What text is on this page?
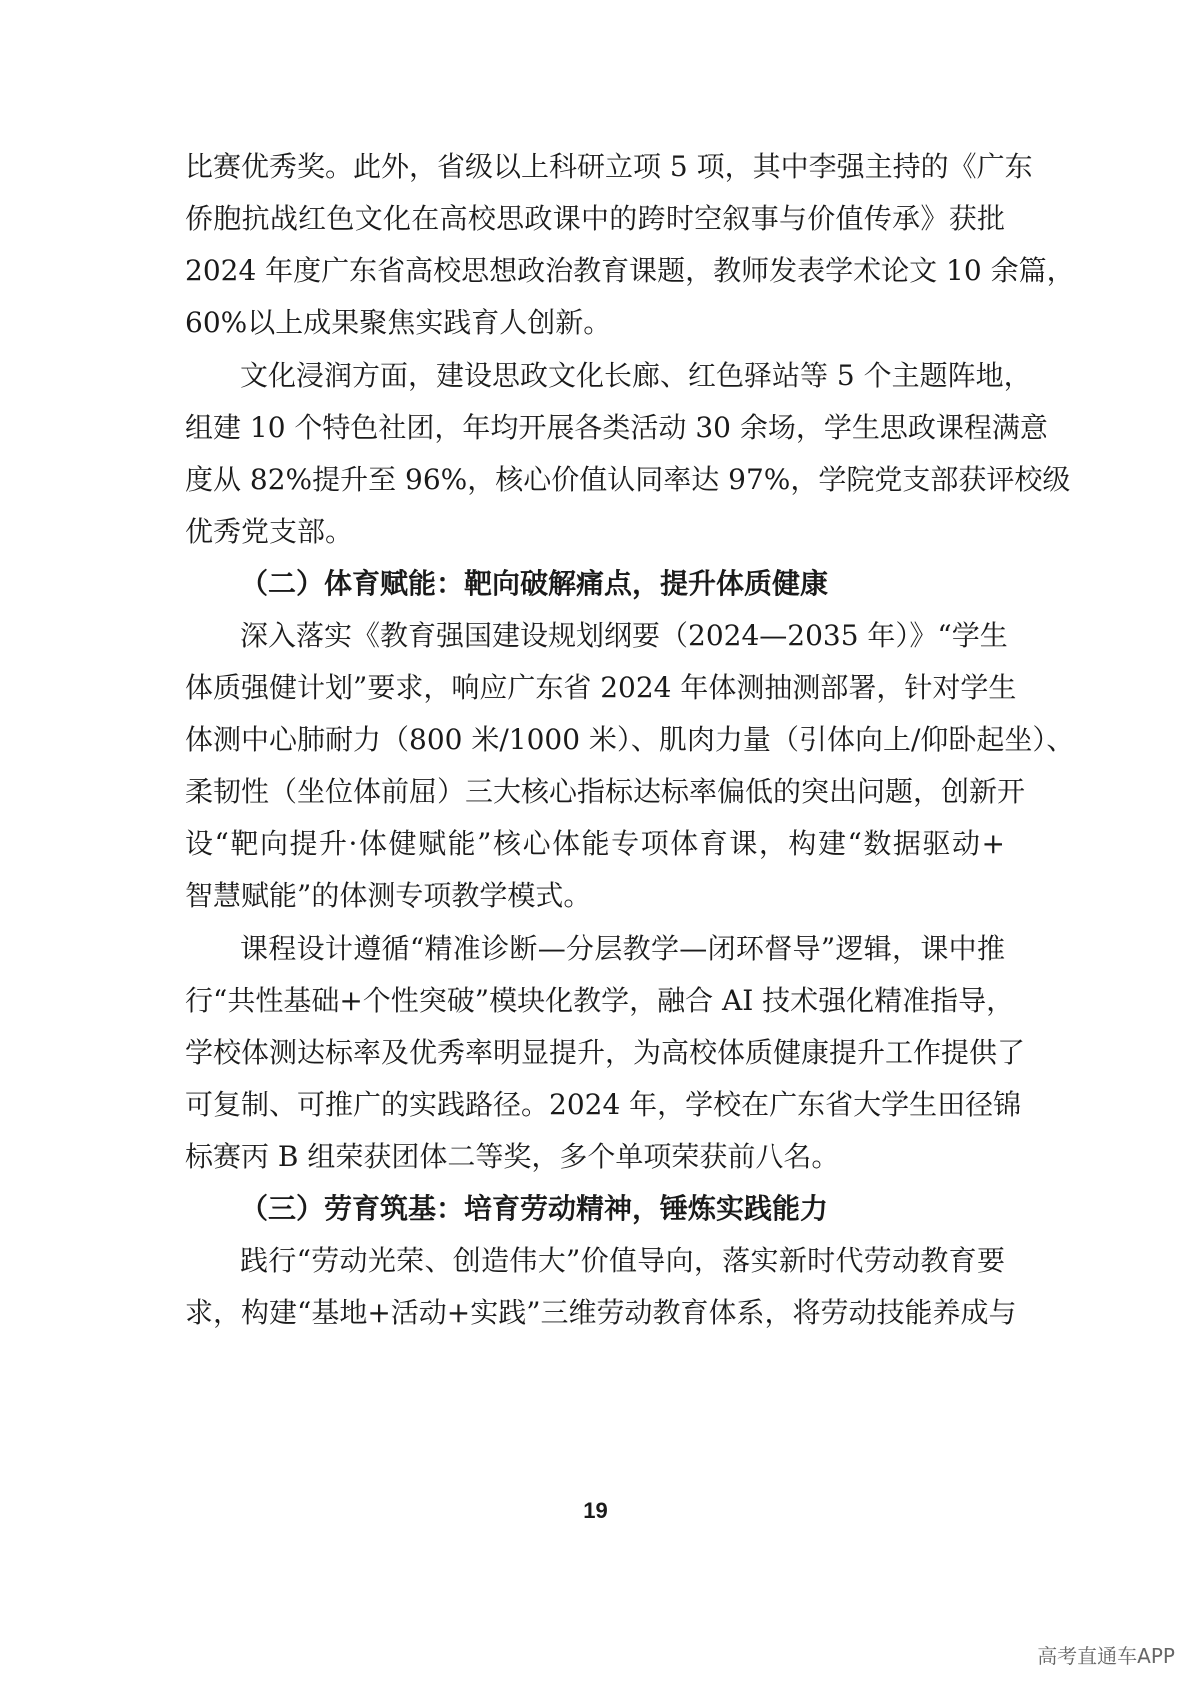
比赛优秀奖。此外，省级以上科研立项 5 项，其中李强主持的《广东
侨胞抗战红色文化在高校思政课中的跨时空叙事与价值传承》获批
2024 年度广东省高校思想政治教育课题，教师发表学术论文 10 余篇，
60%以上成果聚焦实践育人创新。
文化浸润方面，建设思政文化长廊、红色驿站等 5 个主题阵地，
组建 10 个特色社团，年均开展各类活动 30 余场，学生思政课程满意
度从 82%提升至 96%，核心价值认同率达 97%，学院党支部获评校级
优秀党支部。
（二）体育赋能：靶向破解痛点，提升体质健康
深入落实《教育强国建设规划纲要（2024—2035 年）》“学生
体质强健计划”要求，响应广东省 2024 年体测抽测部署，针对学生
体测中心肺耐力（800 米/1000 米）、肌肉力量（引体向上/仰卧起坐）、
柔韧性（坐位体前屈）三大核心指标达标率偏低的突出问题，创新开
设“靶向提升·体健赋能”核心体能专项体育课，构建“数据驱动+
智慧赋能”的体测专项教学模式。
课程设计遵循“精准诊断—分层教学—闭环督导”逻辑，课中推
行“共性基础+个性突破”模块化教学，融合 AI 技术强化精准指导，
学校体测达标率及优秀率明显提升，为高校体质健康提升工作提供了
可复制、可推广的实践路径。2024 年，学校在广东省大学生田径锦
标赛丙 B 组荣获团体二等奖，多个单项荣获前八名。
（三）劳育筑基：培育劳动精神，锤炼实践能力
践行“劳动光荣、创造伟大”价值导向，落实新时代劳动教育要
求，构建“基地+活动+实践”三维劳动教育体系，将劳动技能养成与
19
高考直通车APP
